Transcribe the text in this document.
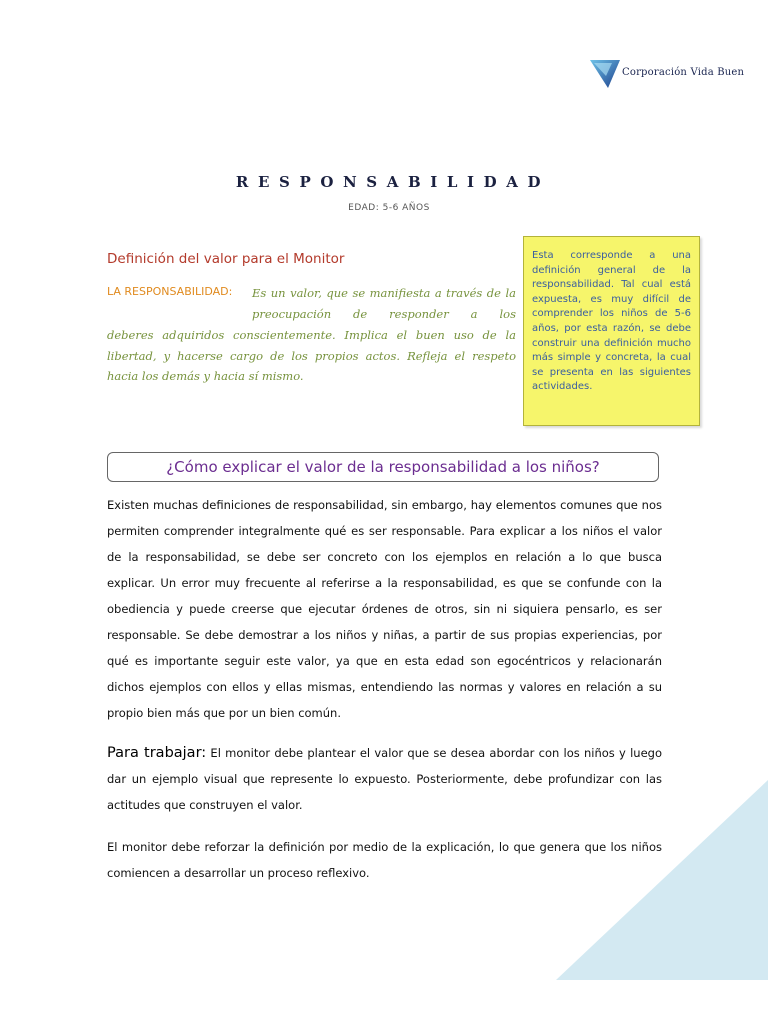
Corporación Vida Buen
RESPONSABILIDAD
EDAD: 5-6 AÑOS
Definición del valor para el Monitor
LA RESPONSABILIDAD: Es un valor, que se manifiesta a través de la preocupación de responder a los
deberes adquiridos conscientemente. Implica el buen uso de la libertad, y hacerse cargo de los propios actos. Refleja el respeto hacia los demás y hacia sí mismo.
Esta corresponde a una definición general de la responsabilidad. Tal cual está expuesta, es muy difícil de comprender los niños de 5-6 años, por esta razón, se debe construir una definición mucho más simple y concreta, la cual se presenta en las siguientes actividades.
¿Cómo explicar el valor de la responsabilidad a los niños?
Existen muchas definiciones de responsabilidad, sin embargo, hay elementos comunes que nos permiten comprender integralmente qué es ser responsable. Para explicar a los niños el valor de la responsabilidad, se debe ser concreto con los ejemplos en relación a lo que busca explicar. Un error muy frecuente al referirse a la responsabilidad, es que se confunde con la obediencia y puede creerse que ejecutar órdenes de otros, sin ni siquiera pensarlo, es ser responsable. Se debe demostrar a los niños y niñas, a partir de sus propias experiencias, por qué es importante seguir este valor, ya que en esta edad son egocéntricos y relacionarán dichos ejemplos con ellos y ellas mismas, entendiendo las normas y valores en relación a su propio bien más que por un bien común.
Para trabajar: El monitor debe plantear el valor que se desea abordar con los niños y luego dar un ejemplo visual que represente lo expuesto. Posteriormente, debe profundizar con las actitudes que construyen el valor.
El monitor debe reforzar la definición por medio de la explicación, lo que genera que los niños comiencen a desarrollar un proceso reflexivo.
